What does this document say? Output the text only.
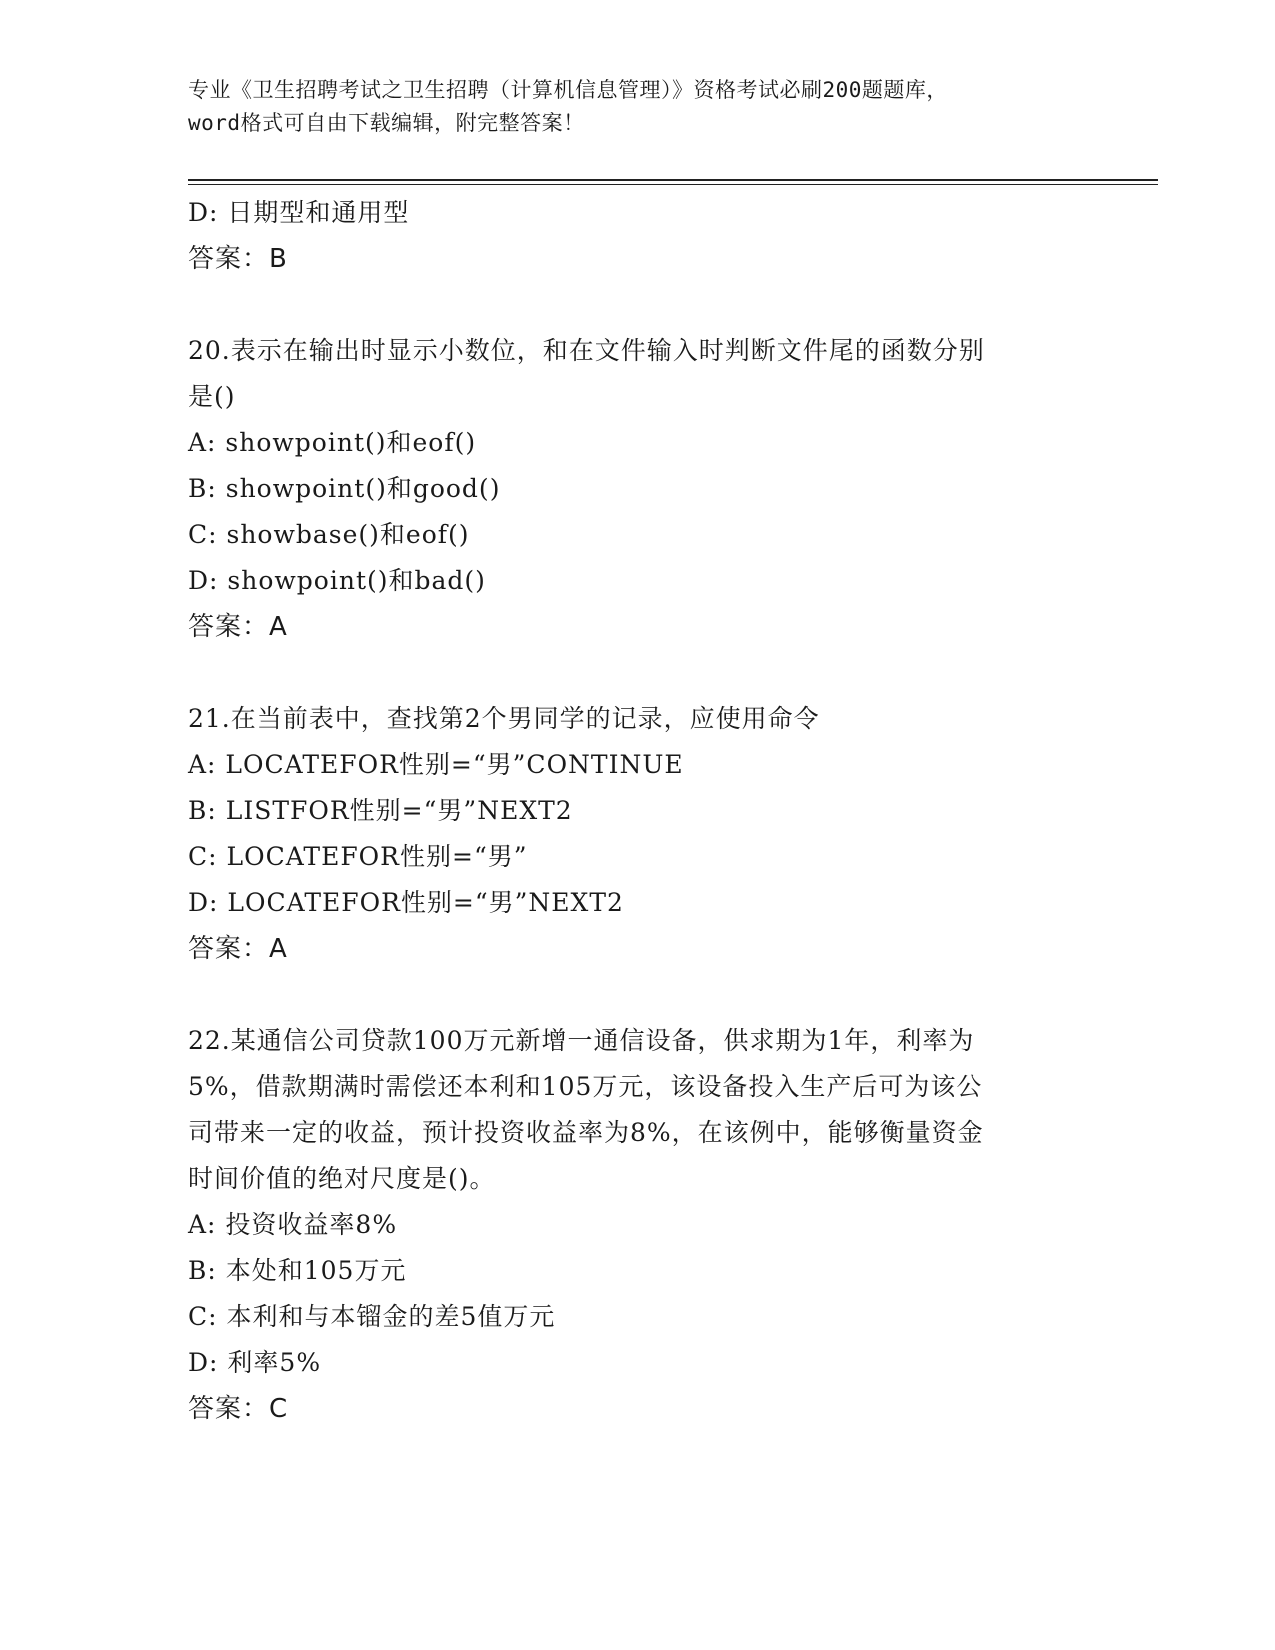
专业《卫生招聘考试之卫生招聘（计算机信息管理）》资格考试必刷200题题库，
word格式可自由下载编辑，附完整答案！
D: 日期型和通用型
答案：B
20.表示在输出时显示小数位，和在文件输入时判断文件尾的函数分别
是()
A: showpoint()和eof()
B: showpoint()和good()
C: showbase()和eof()
D: showpoint()和bad()
答案：A
21.在当前表中，查找第2个男同学的记录，应使用命令
A: LOCATEFOR性别=“男”CONTINUE
B: LISTFOR性别=“男”NEXT2
C: LOCATEFOR性别=“男”
D: LOCATEFOR性别=“男”NEXT2
答案：A
22.某通信公司贷款100万元新增一通信设备，供求期为1年，利率为
5%，借款期满时需偿还本利和105万元，该设备投入生产后可为该公
司带来一定的收益，预计投资收益率为8%，在该例中，能够衡量资金
时间价值的绝对尺度是()。
A: 投资收益率8%
B: 本处和105万元
C: 本利和与本镏金的差5值万元
D: 利率5%
答案：C
